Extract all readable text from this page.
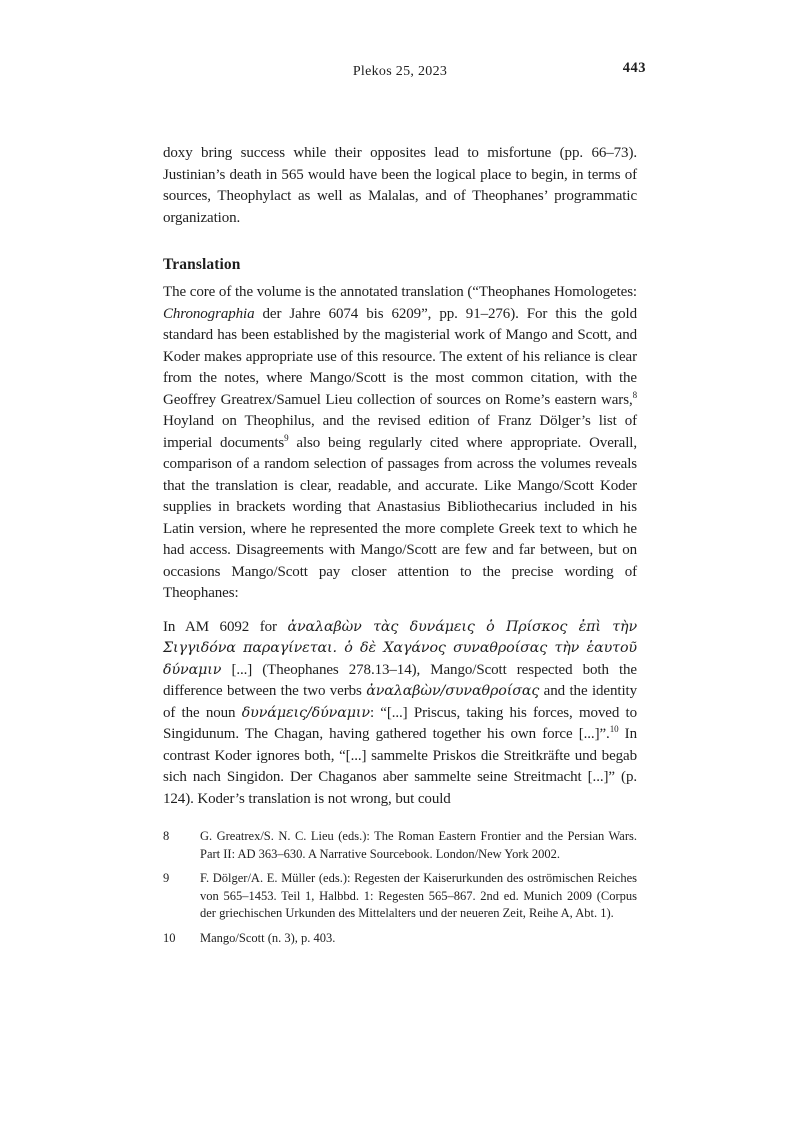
Plekos 25, 2023	443

doxy bring success while their opposites lead to misfortune (pp. 66–73). Justinian’s death in 565 would have been the logical place to begin, in terms of sources, Theophylact as well as Malalas, and of Theophanes’ programmatic organization.

Translation

The core of the volume is the annotated translation (“Theophanes Homologetes: Chronographia der Jahre 6074 bis 6209”, pp. 91–276). For this the gold standard has been established by the magisterial work of Mango and Scott, and Koder makes appropriate use of this resource. The extent of his reliance is clear from the notes, where Mango/Scott is the most common citation, with the Geoffrey Greatrex/Samuel Lieu collection of sources on Rome’s eastern wars,$^8$ Hoyland on Theophilus, and the revised edition of Franz Dölger’s list of imperial documents$^9$ also being regularly cited where appropriate. Overall, comparison of a random selection of passages from across the volumes reveals that the translation is clear, readable, and accurate. Like Mango/Scott Koder supplies in brackets wording that Anastasius Bibliothecarius included in his Latin version, where he represented the more complete Greek text to which he had access. Disagreements with Mango/Scott are few and far between, but on occasions Mango/Scott pay closer attention to the precise wording of Theophanes:

In AM 6092 for ἀναλαβὼν τὰς δυνάμεις ὁ Πρίσκος ἐπὶ τὴν Σιγγιδόνα παραγίνεται. ὁ δὲ Χαγάνος συναθροίσας τὴν ἑαυτοῦ δύναμιν [...] (Theophanes 278.13–14), Mango/Scott respected both the difference between the two verbs ἀναλαβὼν/συναθροίσας and the identity of the noun δυνάμεις/δύναμιν: “[...] Priscus, taking his forces, moved to Singidunum. The Chagan, having gathered together his own force [...]”.$^{10}$ In contrast Koder ignores both, “[...] sammelte Priskos die Streitkräfte und begab sich nach Singidon. Der Chaganos aber sammelte seine Streitmacht [...]” (p. 124). Koder’s translation is not wrong, but could

8	G. Greatrex/S. N. C. Lieu (eds.): The Roman Eastern Frontier and the Persian Wars. Part II: AD 363–630. A Narrative Sourcebook. London/New York 2002.
9	F. Dölger/A. E. Müller (eds.): Regesten der Kaiserurkunden des oströmischen Reiches von 565–1453. Teil 1, Halbbd. 1: Regesten 565–867. 2nd ed. Munich 2009 (Corpus der griechischen Urkunden des Mittelalters und der neueren Zeit, Reihe A, Abt. 1).
10	Mango/Scott (n. 3), p. 403.
